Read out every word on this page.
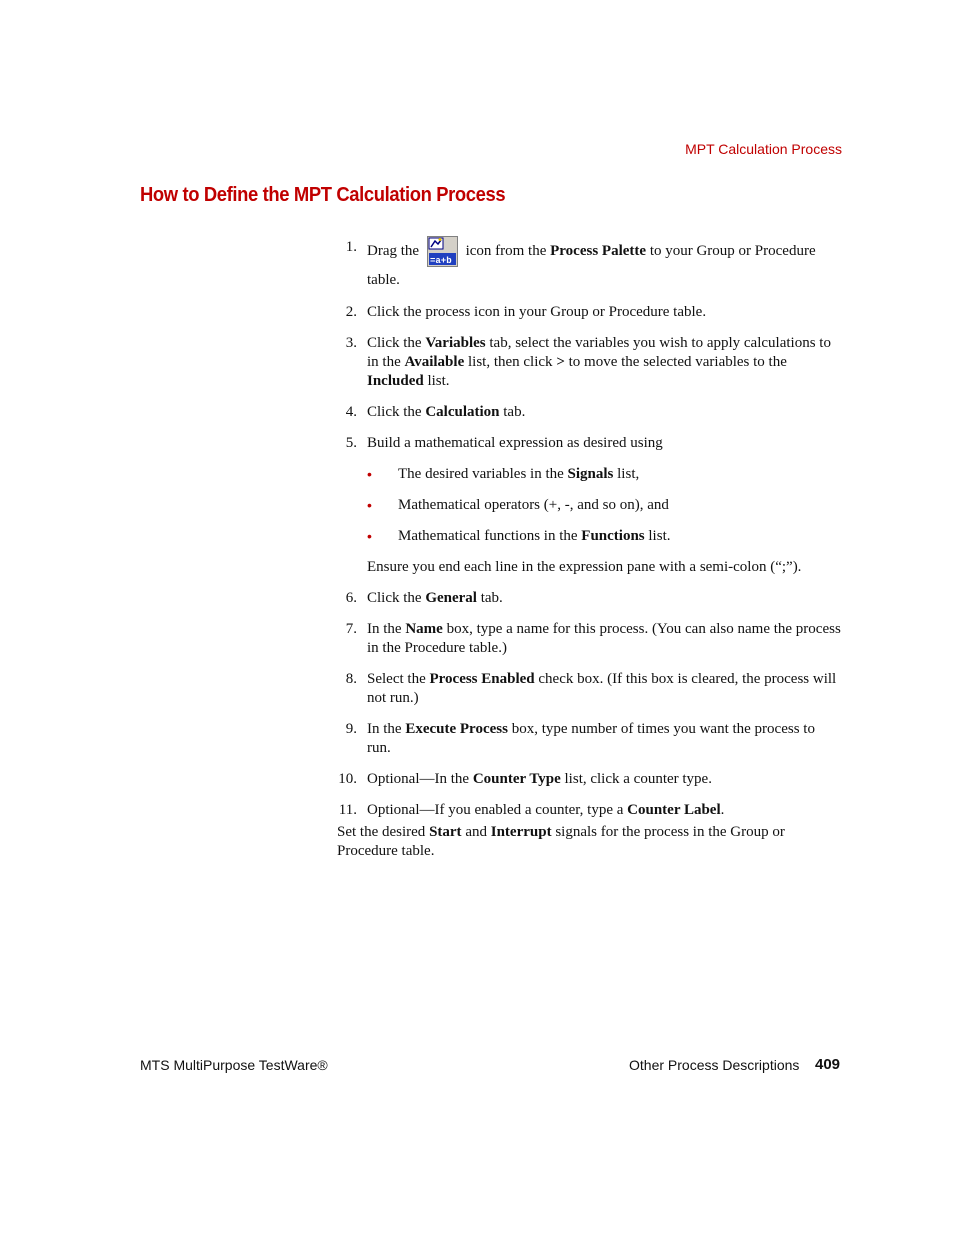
MPT Calculation Process
How to Define the MPT Calculation Process
1. Drag the
=a+b
icon from the Process Palette to your Group or Procedure table.
2. Click the process icon in your Group or Procedure table.
3. Click the Variables tab, select the variables you wish to apply calculations to in the Available list, then click > to move the selected variables to the Included list.
4. Click the Calculation tab.
5. Build a mathematical expression as desired using
• The desired variables in the Signals list,
• Mathematical operators (+, -, and so on), and
• Mathematical functions in the Functions list.
Ensure you end each line in the expression pane with a semi-colon (“;”).
6. Click the General tab.
7. In the Name box, type a name for this process. (You can also name the process in the Procedure table.)
8. Select the Process Enabled check box. (If this box is cleared, the process will not run.)
9. In the Execute Process box, type number of times you want the process to run.
10. Optional—In the Counter Type list, click a counter type.
11. Optional—If you enabled a counter, type a Counter Label.
Set the desired Start and Interrupt signals for the process in the Group or Procedure table.
MTS MultiPurpose TestWare®	Other Process Descriptions 409
